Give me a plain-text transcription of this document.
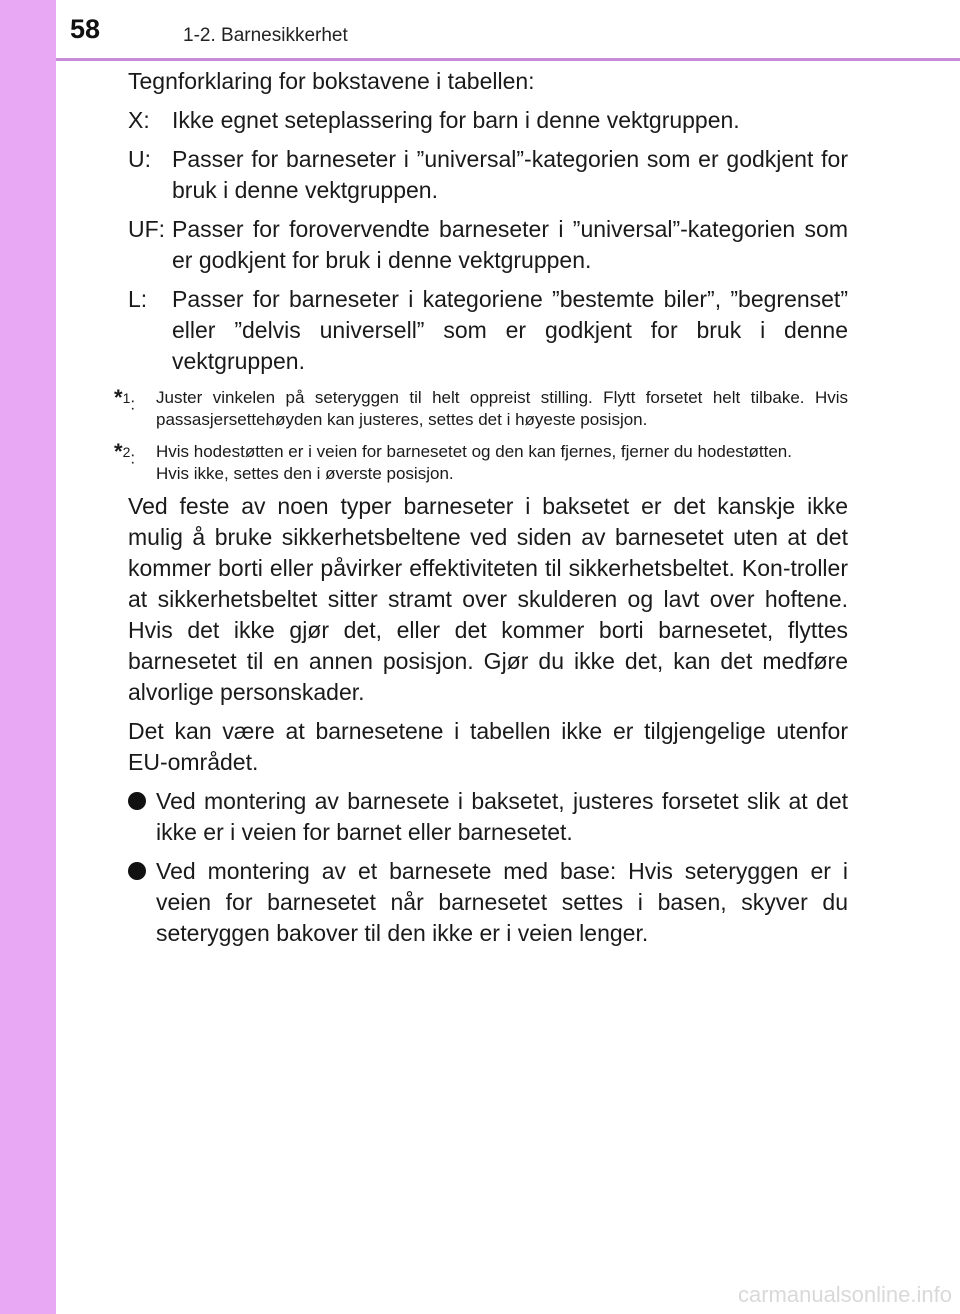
58	1-2. Barnesikkerhet

Tegnforklaring for bokstavene i tabellen:

X: Ikke egnet seteplassering for barn i denne vektgruppen.
U: Passer for barneseter i ”universal”-kategorien som er godkjent for bruk i denne vektgruppen.
UF: Passer for forovervendte barneseter i ”universal”-kategorien som er godkjent for bruk i denne vektgruppen.
L:	Passer for barneseter i kategoriene ”bestemte biler”, ”begrenset” eller ”delvis universell” som er godkjent for bruk i denne vektgruppen.
*$^1$:	Juster vinkelen på seteryggen til helt oppreist stilling. Flytt forsetet helt tilbake. Hvis passasjersettehøyden kan justeres, settes det i høyeste posisjon.
*$^2$:	Hvis hodestøtten er i veien for barnesetet og den kan fjernes, fjerner du hodestøtten.
Hvis ikke, settes den i øverste posisjon.

Ved feste av noen typer barneseter i baksetet er det kanskje ikke mulig å bruke sikkerhetsbeltene ved siden av barnesetet uten at det kommer borti eller påvirker effektiviteten til sikkerhetsbeltet. Kon-troller at sikkerhetsbeltet sitter stramt over skulderen og lavt over hoftene. Hvis det ikke gjør det, eller det kommer borti barnesetet, flyttes barnesetet til en annen posisjon. Gjør du ikke det, kan det medføre alvorlige personskader.

Det kan være at barnesetene i tabellen ikke er tilgjengelige utenfor EU-området.

Ved montering av barnesete i baksetet, justeres forsetet slik at det ikke er i veien for barnet eller barnesetet.
Ved montering av et barnesete med base: Hvis seteryggen er i veien for barnesetet når barnesetet settes i basen, skyver du seteryggen bakover til den ikke er i veien lenger.
carmanualsonline.info
